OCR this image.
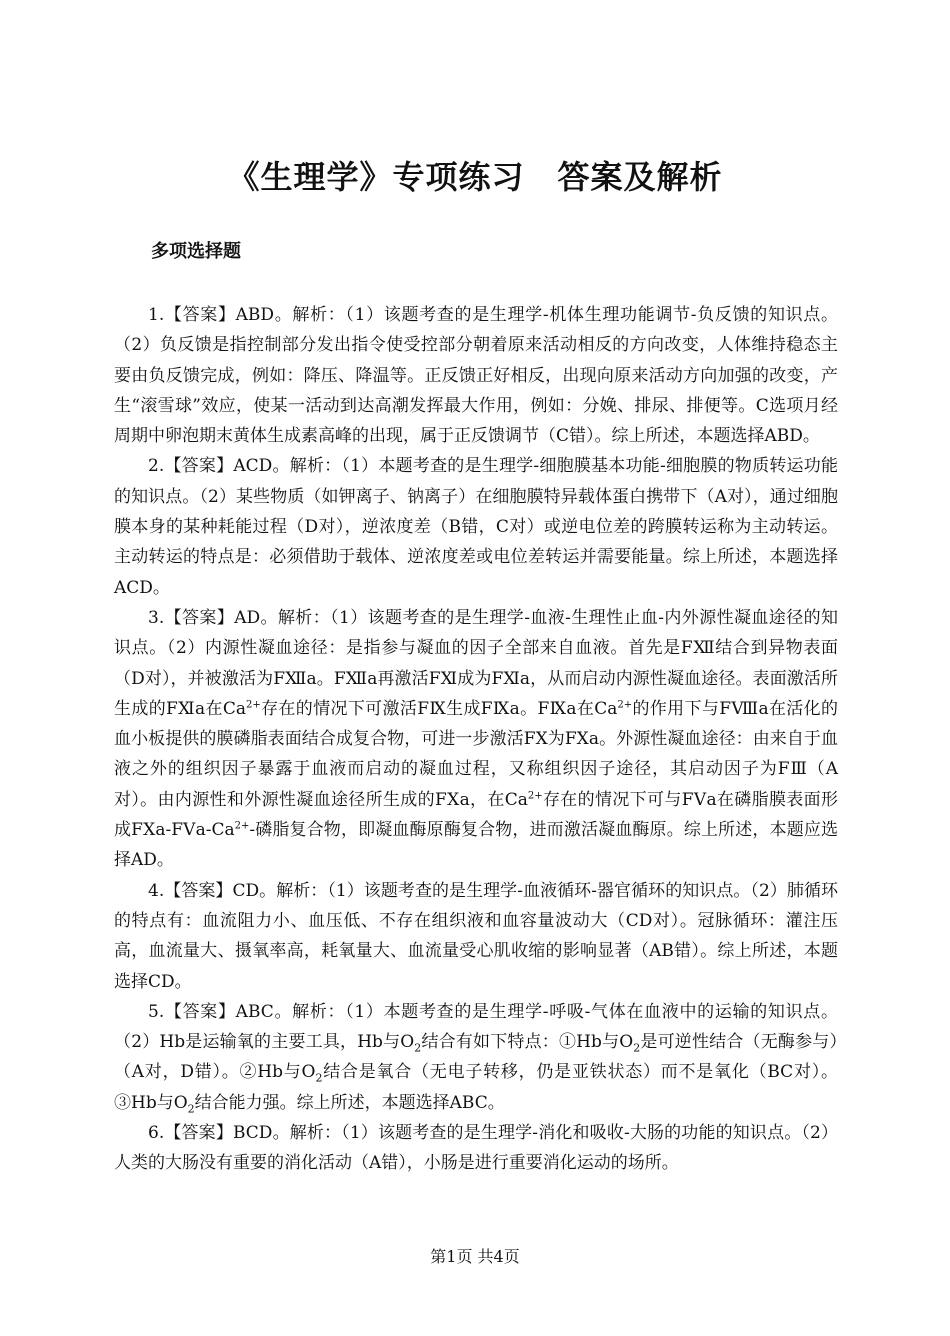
《生理学》专项练习　答案及解析
多项选择题

1.【答案】ABD。解析：（1）该题考查的是生理学-机体生理功能调节-负反馈的知识点。（2）负反馈是指控制部分发出指令使受控部分朝着原来活动相反的方向改变，人体维持稳态主要由负反馈完成，例如：降压、降温等。正反馈正好相反，出现向原来活动方向加强的改变，产生“滚雪球”效应，使某一活动到达高潮发挥最大作用，例如：分娩、排尿、排便等。C选项月经周期中卵泡期末黄体生成素高峰的出现，属于正反馈调节（C错）。综上所述，本题选择ABD。

2.【答案】ACD。解析：（1）本题考查的是生理学-细胞膜基本功能-细胞膜的物质转运功能的知识点。（2）某些物质（如钾离子、钠离子）在细胞膜特异载体蛋白携带下（A对），通过细胞膜本身的某种耗能过程（D对），逆浓度差（B错，C对）或逆电位差的跨膜转运称为主动转运。主动转运的特点是：必须借助于载体、逆浓度差或电位差转运并需要能量。综上所述，本题选择ACD。

3.【答案】AD。解析：（1）该题考查的是生理学-血液-生理性止血-内外源性凝血途径的知识点。（2）内源性凝血途径：是指参与凝血的因子全部来自血液。首先是FⅫ结合到异物表面（D对），并被激活为FⅫa。FⅫa再激活FⅪ成为FⅪa，从而启动内源性凝血途径。表面激活所生成的FⅪa在$Ca^{2+}$存在的情况下可激活FⅨ生成FⅨa。FⅨa在$Ca^{2+}$的作用下与FⅧa在活化的血小板提供的膜磷脂表面结合成复合物，可进一步激活FⅩ为FⅩa。外源性凝血途径：由来自于血液之外的组织因子暴露于血液而启动的凝血过程，又称组织因子途径，其启动因子为FⅢ（A对）。由内源性和外源性凝血途径所生成的FⅩa，在$Ca^{2+}$存在的情况下可与FⅤa在磷脂膜表面形成FⅩa-$FⅤa-Ca^{2+}-$磷脂复合物，即凝血酶原酶复合物，进而激活凝血酶原。综上所述，本题应选择AD。

4.【答案】CD。解析：（1）该题考查的是生理学-血液循环-器官循环的知识点。（2）肺循环的特点有：血流阻力小、血压低、不存在组织液和血容量波动大（CD对）。冠脉循环：灌注压高，血流量大、摄氧率高，耗氧量大、血流量受心肌收缩的影响显著（AB错）。综上所述，本题选择CD。

5.【答案】ABC。解析：（1）本题考查的是生理学-呼吸-气体在血液中的运输的知识点。（2）Hb是运输氧的主要工具，Hb与$O_2$结合有如下特点：①Hb与$O_2$是可逆性结合（无酶参与）（A对，D错）。②Hb与$O_2$结合是氧合（无电子转移，仍是亚铁状态）而不是氧化（BC对）。③Hb与$O_2$结合能力强。综上所述，本题选择ABC。

6.【答案】BCD。解析：（1）该题考查的是生理学-消化和吸收-大肠的功能的知识点。（2）人类的大肠没有重要的消化活动（A错），小肠是进行重要消化运动的场所。

第1页 共4页
